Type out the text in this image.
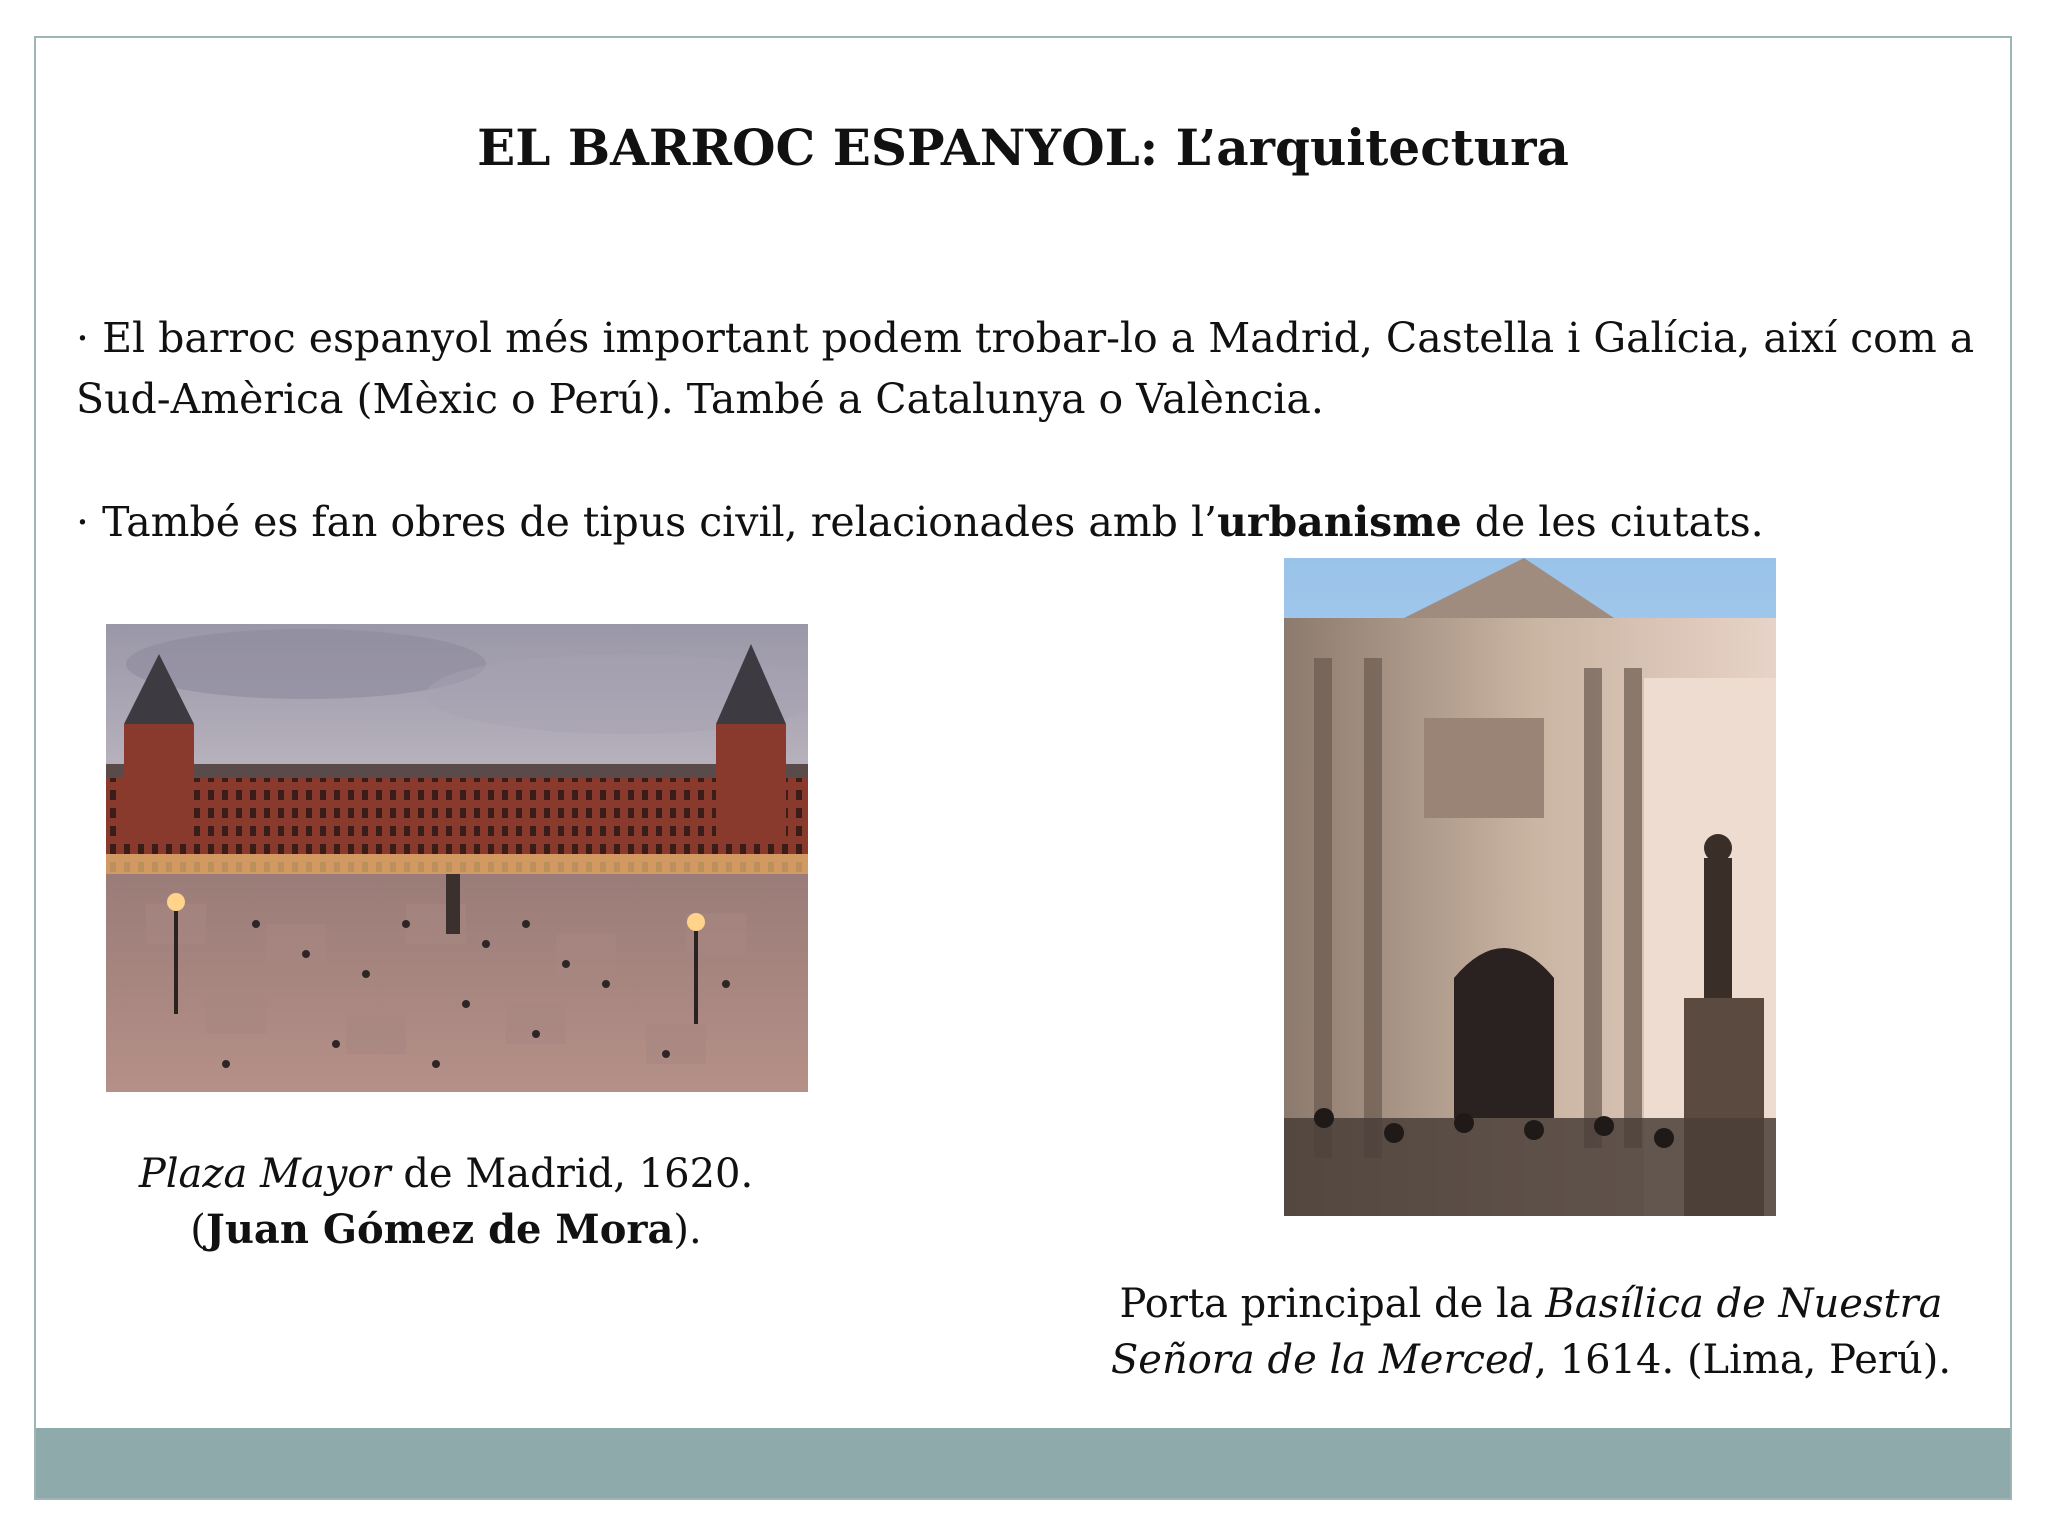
EL BARROC ESPANYOL: L’arquitectura
· El barroc espanyol més important podem trobar-lo a Madrid, Castella i Galícia, així com a Sud-Amèrica (Mèxic o Perú). També a Catalunya o València.
· També es fan obres de tipus civil, relacionades amb l’urbanisme de les ciutats.
Plaza Mayor de Madrid, 1620.
(Juan Gómez de Mora).
Porta principal de la Basílica de Nuestra Señora de la Merced, 1614. (Lima, Perú).
